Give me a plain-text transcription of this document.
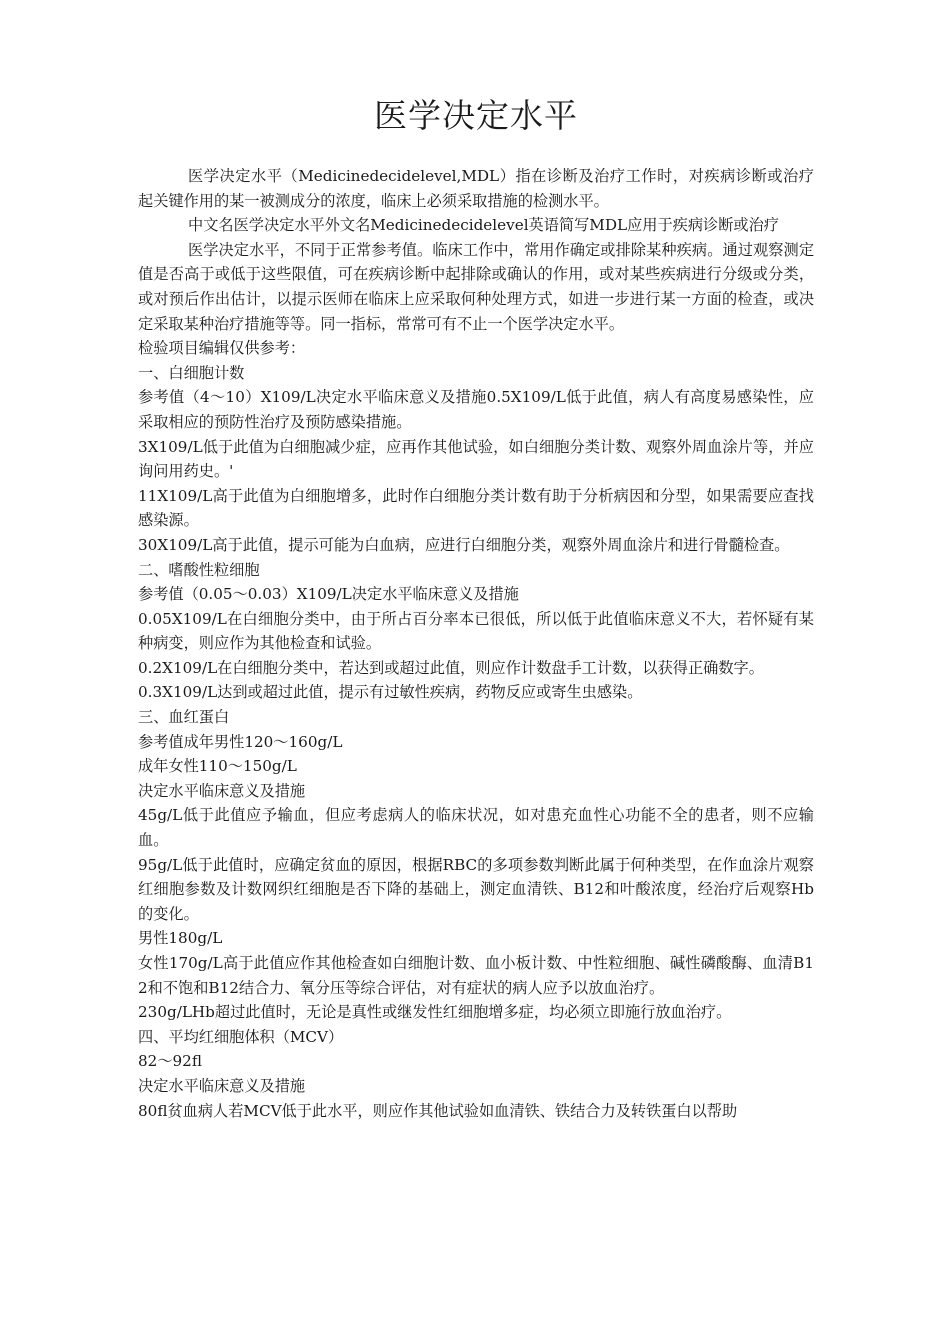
医学决定水平

医学决定水平（Medicinedecidelevel,MDL）指在诊断及治疗工作时，对疾病诊断或治疗起关键作用的某一被测成分的浓度，临床上必须采取措施的检测水平。

中文名医学决定水平外文名Medicinedecidelevel英语简写MDL应用于疾病诊断或治疗

医学决定水平，不同于正常参考值。临床工作中，常用作确定或排除某种疾病。通过观察测定值是否高于或低于这些限值，可在疾病诊断中起排除或确认的作用，或对某些疾病进行分级或分类，或对预后作出估计，以提示医师在临床上应采取何种处理方式，如进一步进行某一方面的检查，或决定采取某种治疗措施等等。同一指标，常常可有不止一个医学决定水平。

检验项目编辑仅供参考：

一、白细胞计数

参考值（4〜10）X109/L决定水平临床意义及措施0.5X109/L低于此值，病人有高度易感染性，应采取相应的预防性治疗及预防感染措施。

3X109/L低于此值为白细胞减少症，应再作其他试验，如白细胞分类计数、观察外周血涂片等，并应询问用药史。'

11X109/L高于此值为白细胞增多，此时作白细胞分类计数有助于分析病因和分型，如果需要应查找感染源。

30X109/L高于此值，提示可能为白血病，应进行白细胞分类，观察外周血涂片和进行骨髓检查。

二、嗜酸性粒细胞

参考值（0.05〜0.03）X109/L决定水平临床意义及措施

0.05X109/L在白细胞分类中，由于所占百分率本已很低，所以低于此值临床意义不大，若怀疑有某种病变，则应作为其他检查和试验。

0.2X109/L在白细胞分类中，若达到或超过此值，则应作计数盘手工计数，以获得正确数字。

0.3X109/L达到或超过此值，提示有过敏性疾病，药物反应或寄生虫感染。

三、血红蛋白

参考值成年男性120〜160g/L

成年女性110〜150g/L

决定水平临床意义及措施

45g/L低于此值应予输血，但应考虑病人的临床状况，如对患充血性心功能不全的患者，则不应输血。

95g/L低于此值时，应确定贫血的原因，根据RBC的多项参数判断此属于何种类型，在作血涂片观察红细胞参数及计数网织红细胞是否下降的基础上，测定血清铁、B12和叶酸浓度，经治疗后观察Hb的变化。

男性180g/L

女性170g/L高于此值应作其他检查如白细胞计数、血小板计数、中性粒细胞、碱性磷酸酶、血清B12和不饱和B12结合力、氧分压等综合评估，对有症状的病人应予以放血治疗。

230g/LHb超过此值时，无论是真性或继发性红细胞增多症，均必须立即施行放血治疗。

四、平均红细胞体积（MCV）

82〜92fl

决定水平临床意义及措施

80fl贫血病人若MCV低于此水平，则应作其他试验如血清铁、铁结合力及转铁蛋白以帮助
